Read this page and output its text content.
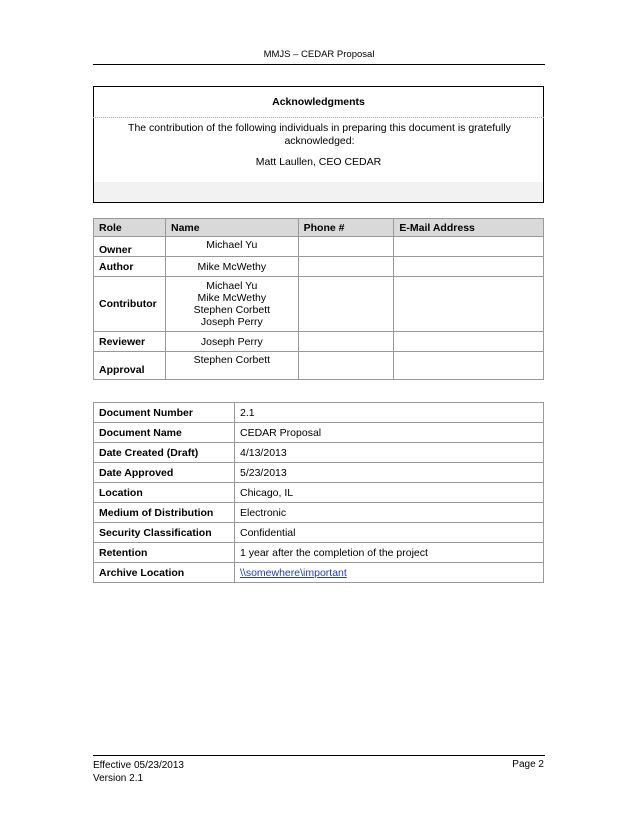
MMJS – CEDAR Proposal
Acknowledgments
The contribution of the following individuals in preparing this document is gratefully acknowledged:
Matt Laullen, CEO CEDAR
Role	Name	Phone #	E-Mail Address
Owner	Michael Yu		

Author	Mike McWethy		

Contributor	Michael Yu
Mike McWethy
Stephen Corbett
Joseph Perry		

Reviewer	Joseph Perry		

Approval	Stephen Corbett		

Document Number	2.1
Document Name	CEDAR Proposal
Date Created (Draft)	4/13/2013
Date Approved	5/23/2013
Location	Chicago, IL
Medium of Distribution	Electronic
Security Classification	Confidential
Retention	1 year after the completion of the project
Archive Location	\\somewhere\important
Effective 05/23/2013
Version 2.1
Page 2
